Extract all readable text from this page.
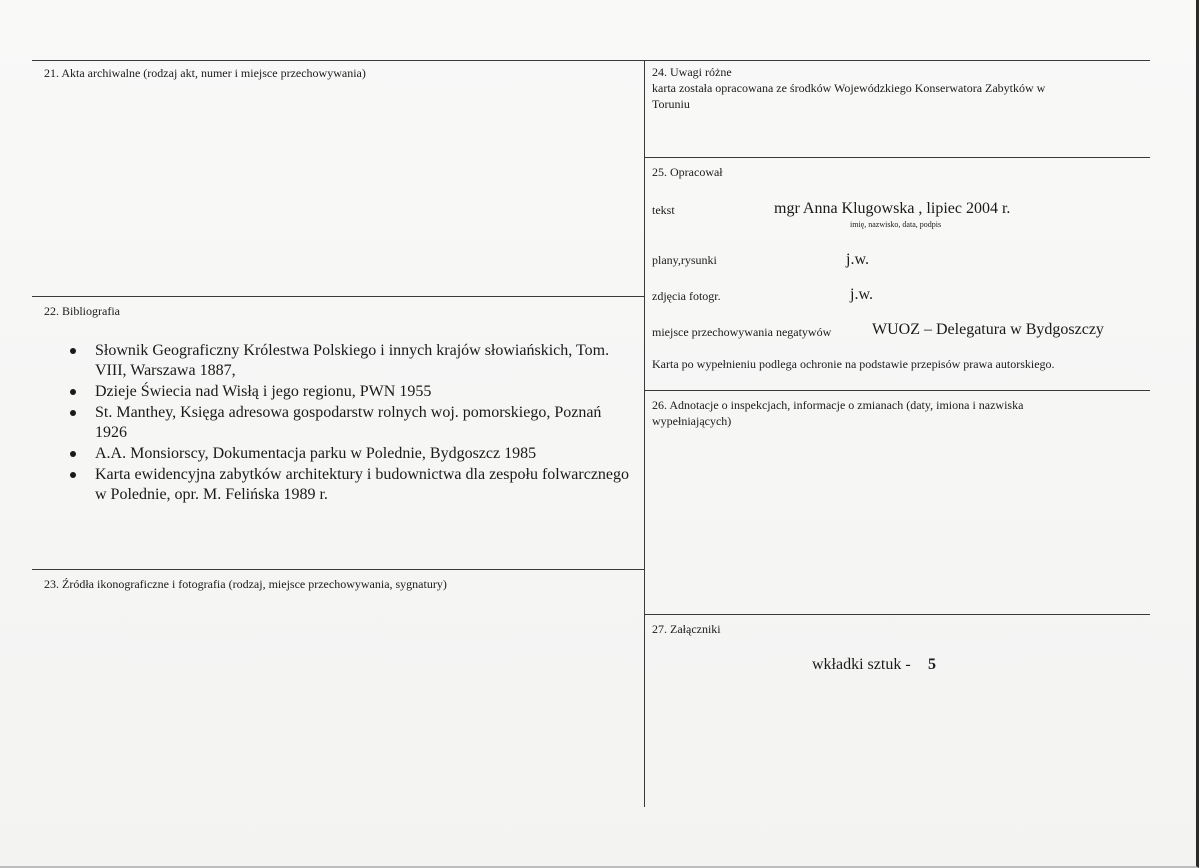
21. Akta archiwalne (rodzaj akt, numer i miejsce przechowywania)
22. Bibliografia
Słownik Geograficzny Królestwa Polskiego i innych krajów słowiańskich, Tom. VIII, Warszawa 1887,
Dzieje Świecia nad Wisłą i jego regionu, PWN 1955
St. Manthey, Księga adresowa gospodarstw rolnych woj. pomorskiego, Poznań 1926
A.A. Monsiorscy, Dokumentacja parku w Polednie, Bydgoszcz 1985
Karta ewidencyjna zabytków architektury i budownictwa dla zespołu folwarcznego w Polednie, opr. M. Felińska 1989 r.
23. Źródła ikonograficzne i fotografia (rodzaj, miejsce przechowywania, sygnatury)
24. Uwagi różne
karta została opracowana ze środków Wojewódzkiego Konserwatora Zabytków w
Toruniu
25. Opracował
tekst	mgr Anna Klugowska , lipiec 2004 r.
imię, nazwisko, data, podpis
plany,rysunki	j.w.
zdjęcia fotogr.	j.w.
miejsce przechowywania negatywów	WUOZ – Delegatura w Bydgoszczy
Karta po wypełnieniu podlega ochronie na podstawie przepisów prawa autorskiego.
26. Adnotacje o inspekcjach, informacje o zmianach (daty, imiona i nazwiska
wypełniających)
27. Załączniki
wkładki sztuk - 5
